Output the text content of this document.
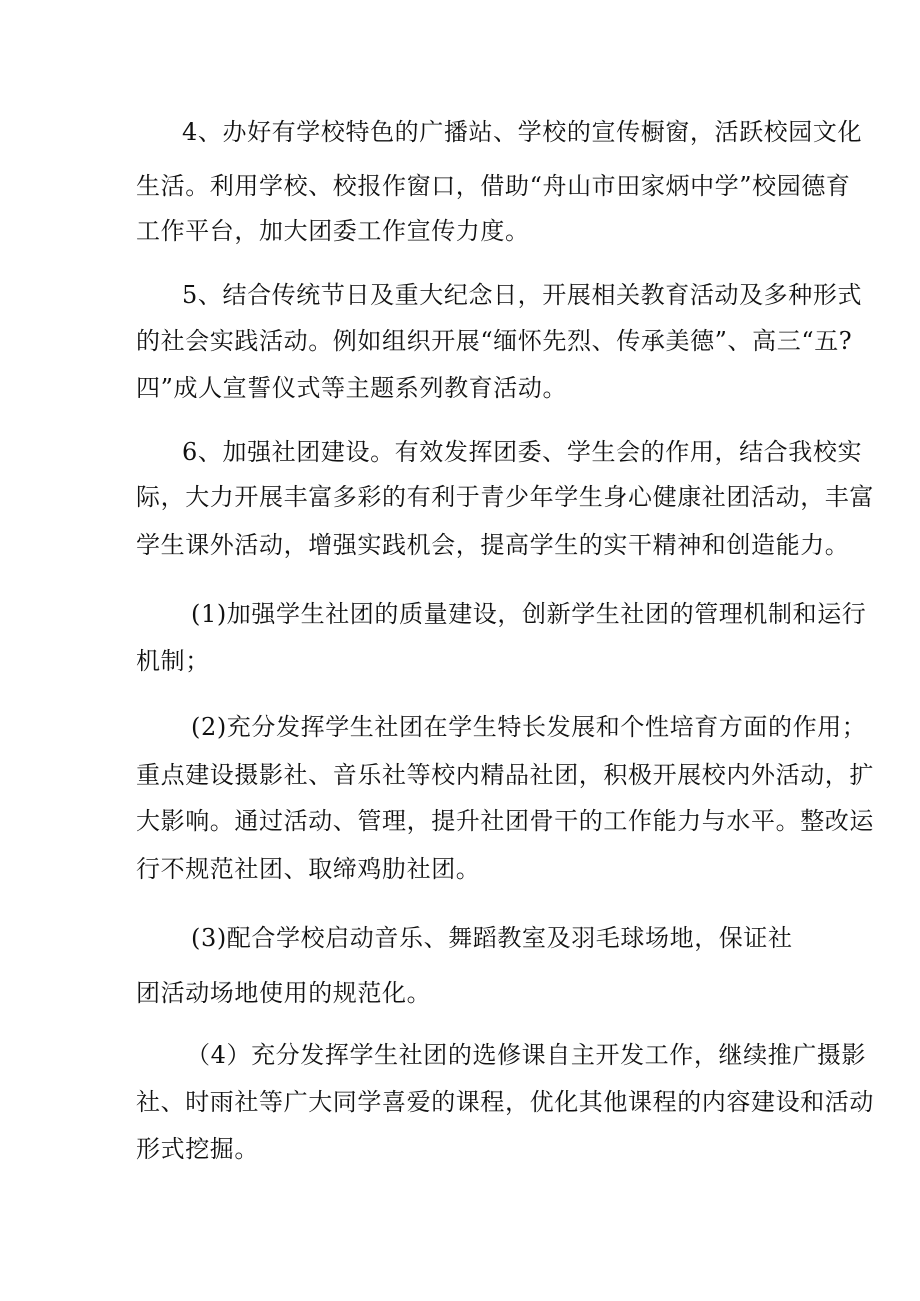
4、办好有学校特色的广播站、学校的宣传橱窗，活跃校园文化
生活。利用学校、校报作窗口，借助“舟山市田家炳中学”校园德育
工作平台，加大团委工作宣传力度。
5、结合传统节日及重大纪念日，开展相关教育活动及多种形式
的社会实践活动。例如组织开展“缅怀先烈、传承美德”、高三“五?
四”成人宣誓仪式等主题系列教育活动。
6、加强社团建设。有效发挥团委、学生会的作用，结合我校实
际，大力开展丰富多彩的有利于青少年学生身心健康社团活动，丰富
学生课外活动，增强实践机会，提高学生的实干精神和创造能力。
(1)加强学生社团的质量建设，创新学生社团的管理机制和运行
机制；
(2)充分发挥学生社团在学生特长发展和个性培育方面的作用；
重点建设摄影社、音乐社等校内精品社团，积极开展校内外活动，扩
大影响。通过活动、管理，提升社团骨干的工作能力与水平。整改运
行不规范社团、取缔鸡肋社团。
(3)配合学校启动音乐、舞蹈教室及羽毛球场地，保证社
团活动场地使用的规范化。
（4）充分发挥学生社团的选修课自主开发工作，继续推广摄影
社、时雨社等广大同学喜爱的课程，优化其他课程的内容建设和活动
形式挖掘。
